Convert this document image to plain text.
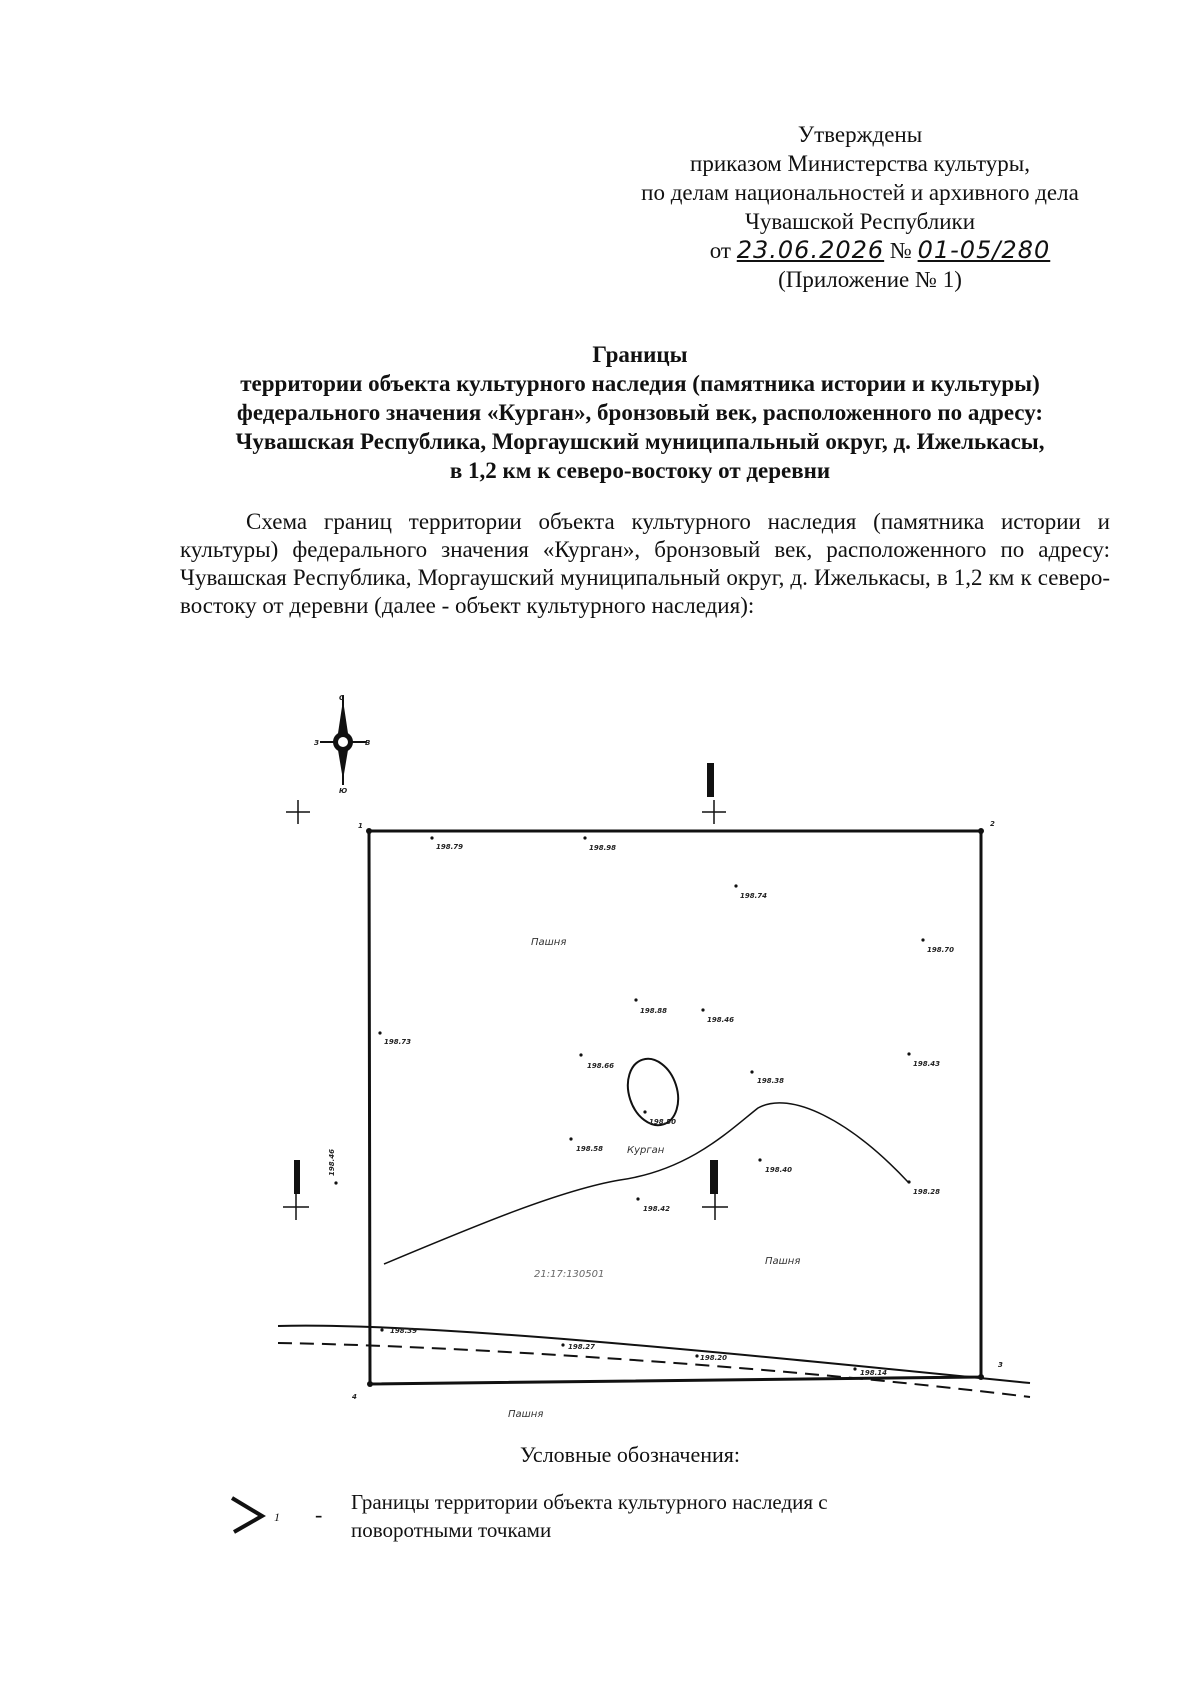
Утверждены
приказом Министерства культуры,
по делам национальностей и архивного дела
Чувашской Республики
от 23.06.2026 № 01-05/280
(Приложение № 1)
Границы
территории объекта культурного наследия (памятника истории и культуры)
федерального значения «Курган», бронзовый век, расположенного по адресу:
Чувашская Республика, Моргаушский муниципальный округ, д. Ижелькасы,
в 1,2 км к северо-востоку от деревни
Схема границ территории объекта культурного наследия (памятника истории и культуры) федерального значения «Курган», бронзовый век, расположенного по адресу: Чувашская Республика, Моргаушский муниципальный округ, д. Ижелькасы, в 1,2 км к северо-востоку от деревни (далее - объект культурного наследия):
С
Ю
З	В
1	2
3
4
Пашня
Пашня
Пашня
Курган
21:17:130501
198.79	198.98
198.74
198.70
198.73
198.88
198.46
198.66	198.43
198.38
198.50
198.58
198.40
198.42
198.28
198.46
198.39
198.27
198.20
198.14
Условные обозначения:
1 - Границы территории объекта культурного наследия с поворотными точками
